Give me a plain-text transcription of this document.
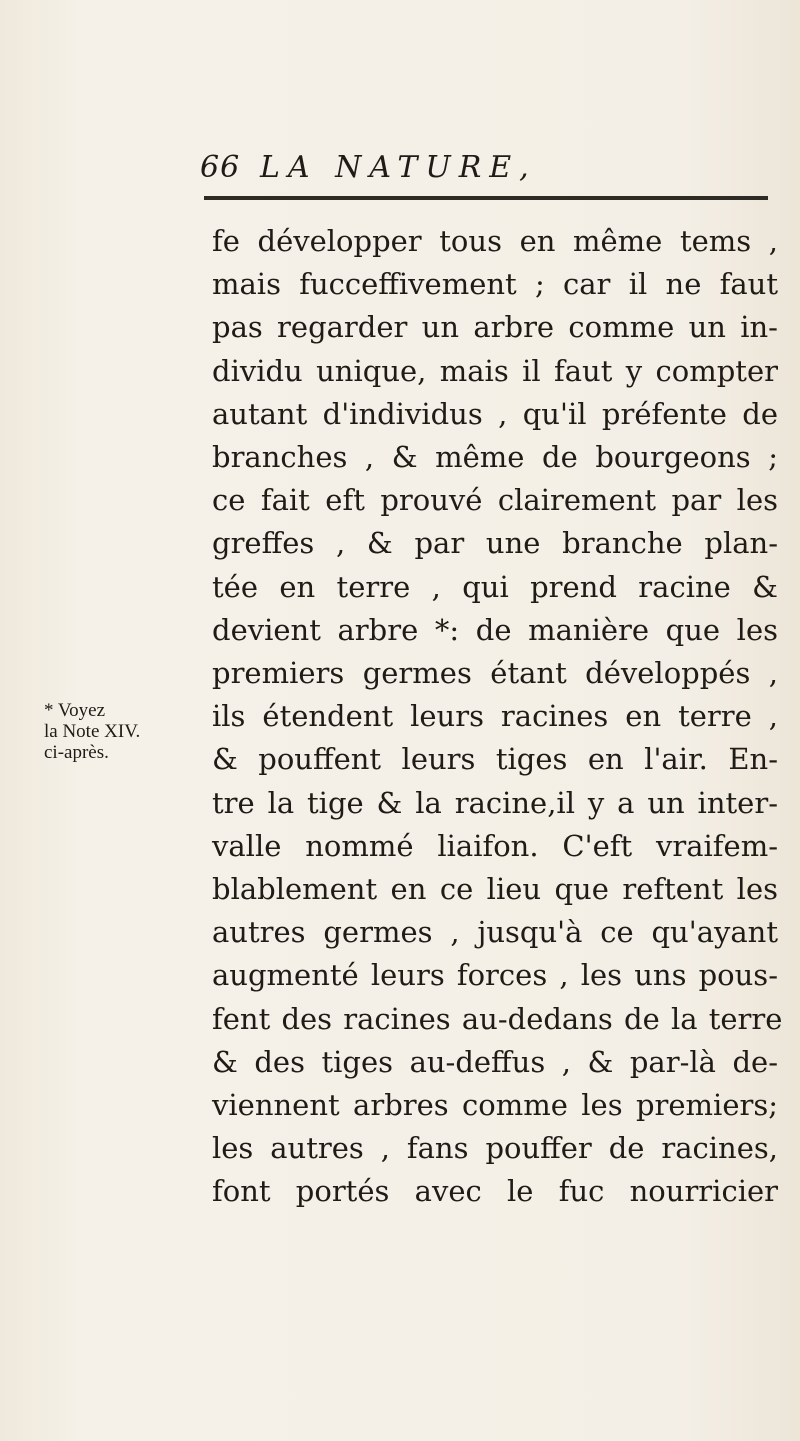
66 LA NATURE,
* Voyez
la Note XIV.
ci-après.
fe développer tous en même tems ,
mais fucceffivement ; car il ne faut
pas regarder un arbre comme un in-
dividu unique, mais il faut y compter
autant d'individus , qu'il préfente de
branches , & même de bourgeons ;
ce fait eft prouvé clairement par les
greffes , & par une branche plan-
tée en terre , qui prend racine &
devient arbre *: de manière que les
premiers germes étant développés ,
ils étendent leurs racines en terre ,
& pouffent leurs tiges en l'air. En-
tre la tige & la racine,il y a un inter-
valle nommé liaifon. C'eft vraifem-
blablement en ce lieu que reftent les
autres germes , jusqu'à ce qu'ayant
augmenté leurs forces , les uns pous-
fent des racines au-dedans de la terre
& des tiges au-deffus , & par-là de-
viennent arbres comme les premiers;
les autres , fans pouffer de racines,
font portés avec le fuc nourricier
